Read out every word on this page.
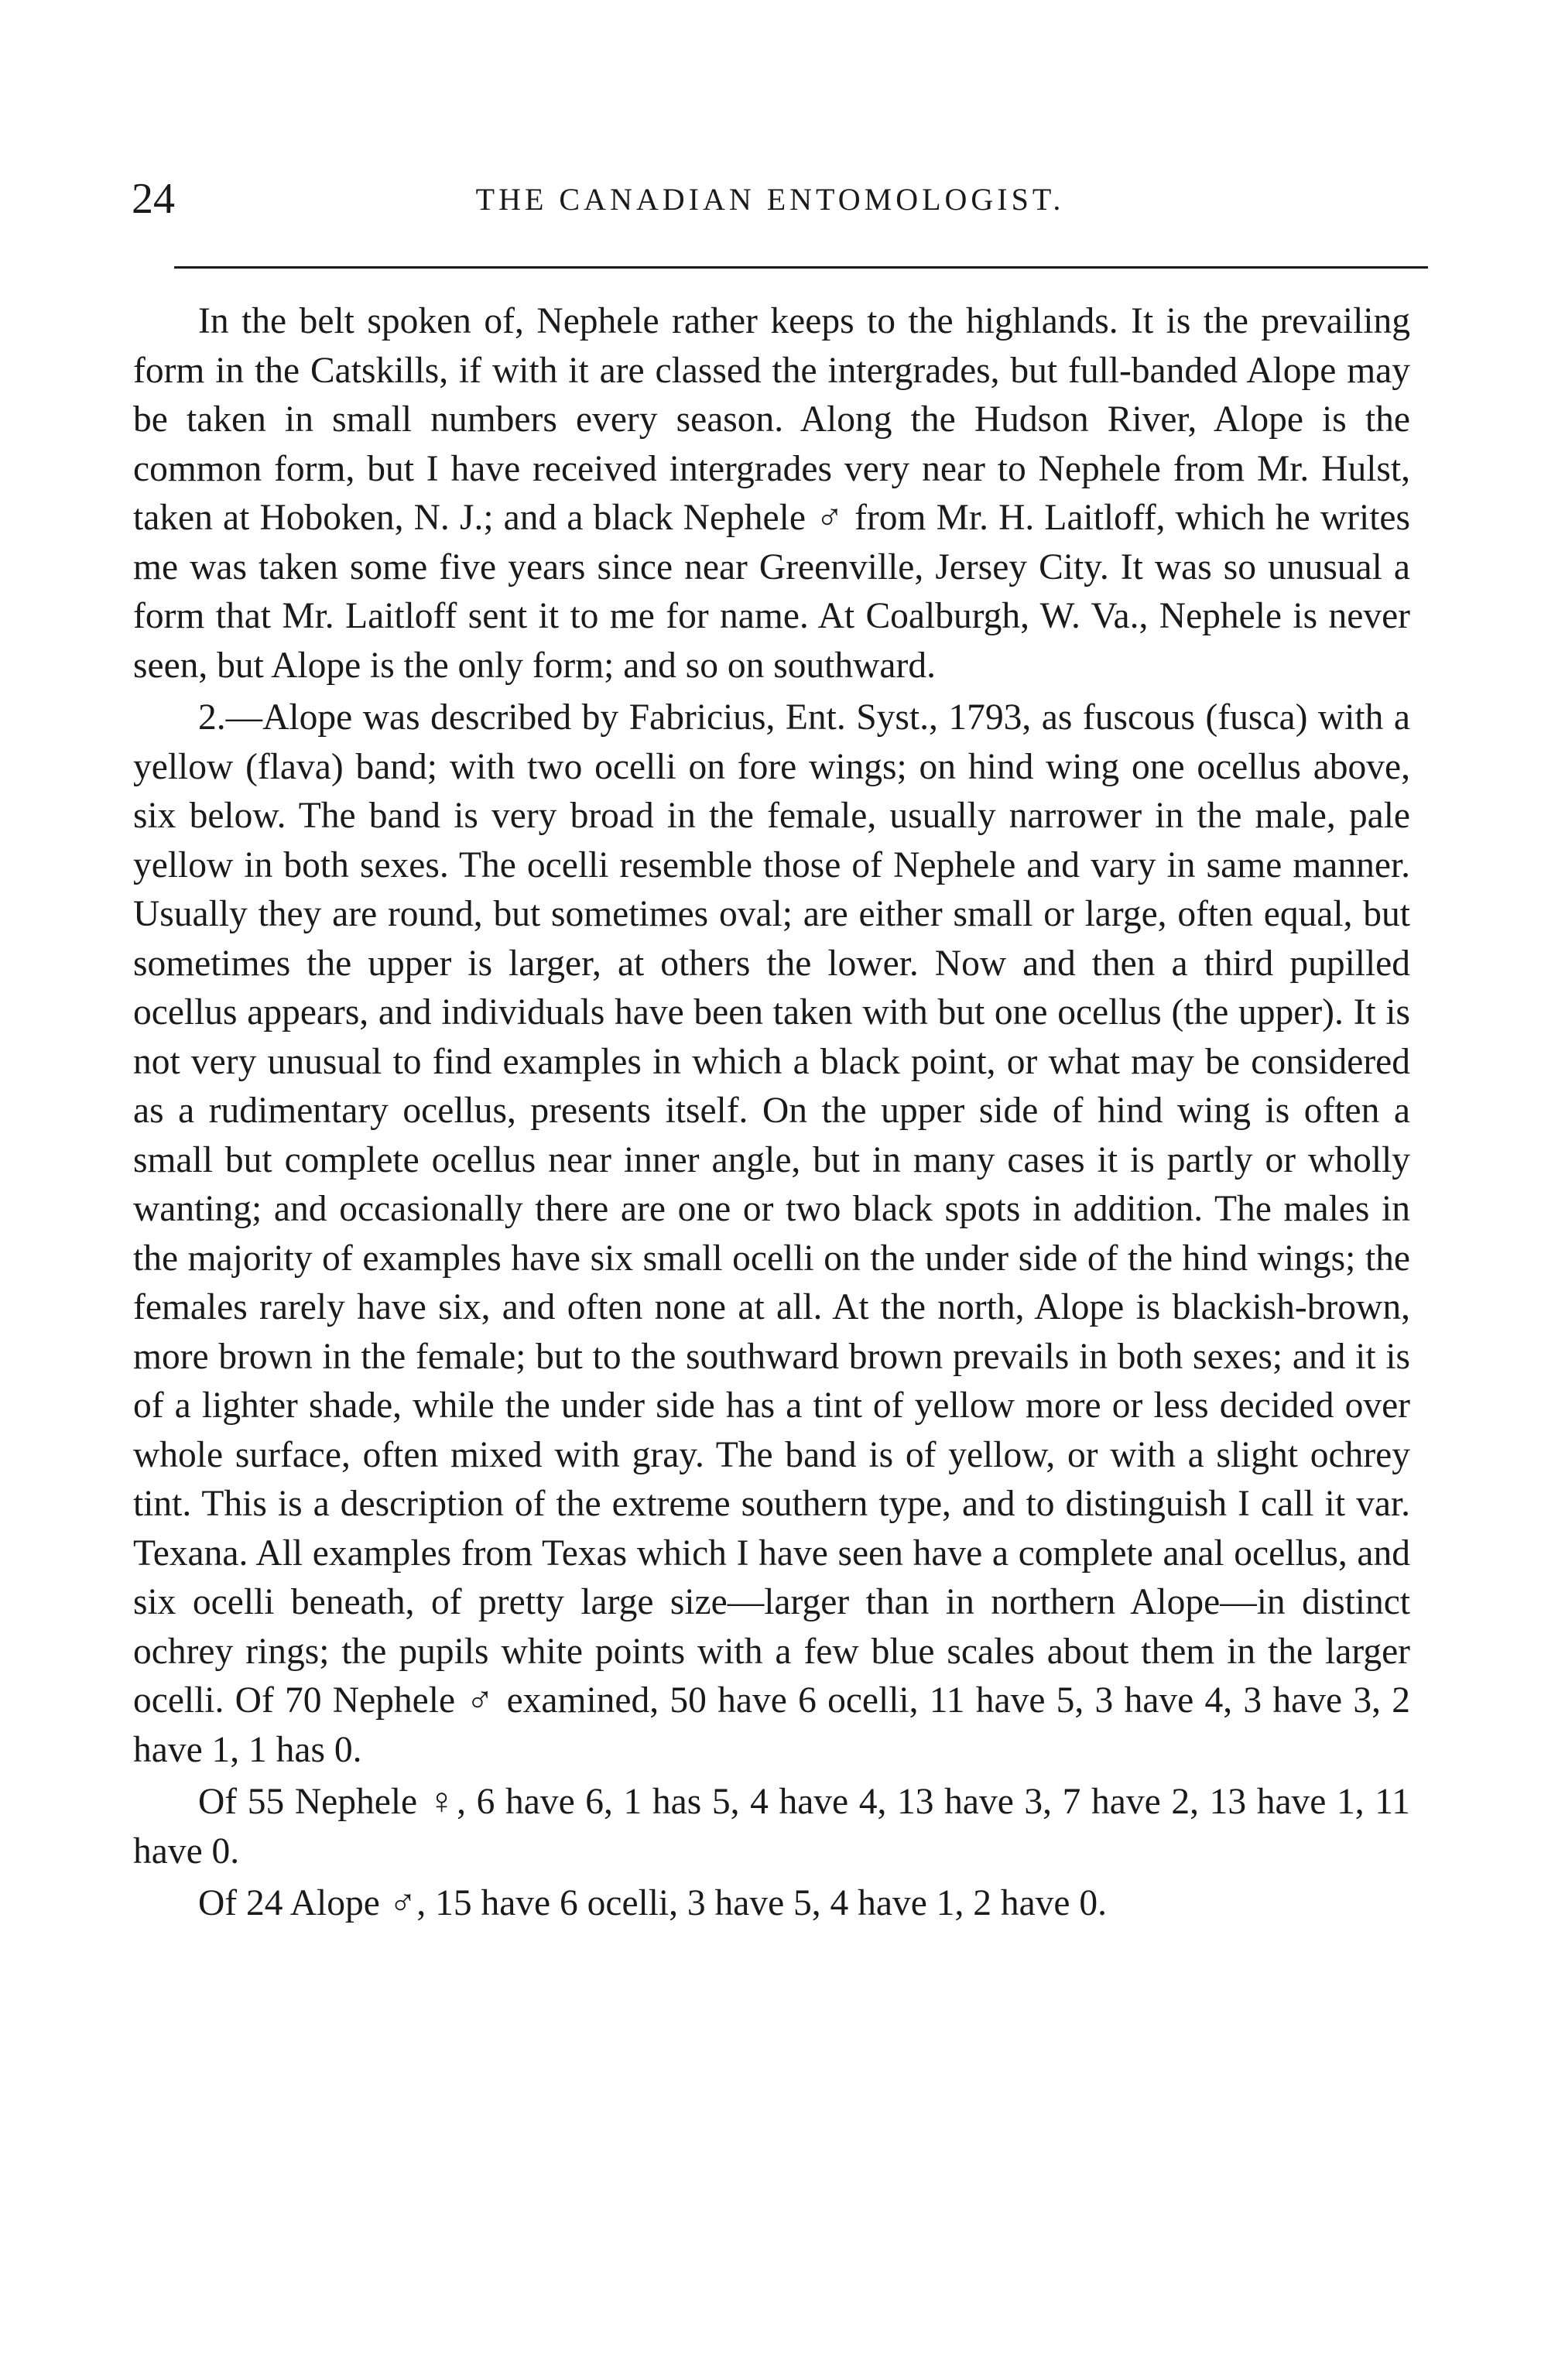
24	THE CANADIAN ENTOMOLOGIST.

In the belt spoken of, Nephele rather keeps to the highlands. It is the prevailing form in the Catskills, if with it are classed the intergrades, but full-banded Alope may be taken in small numbers every season. Along the Hudson River, Alope is the common form, but I have received intergrades very near to Nephele from Mr. Hulst, taken at Hoboken, N. J.; and a black Nephele ♂ from Mr. H. Laitloff, which he writes me was taken some five years since near Greenville, Jersey City. It was so unusual a form that Mr. Laitloff sent it to me for name. At Coalburgh, W. Va., Nephele is never seen, but Alope is the only form; and so on southward.

2.—Alope was described by Fabricius, Ent. Syst., 1793, as fuscous (fusca) with a yellow (flava) band; with two ocelli on fore wings; on hind wing one ocellus above, six below. The band is very broad in the female, usually narrower in the male, pale yellow in both sexes. The ocelli resemble those of Nephele and vary in same manner. Usually they are round, but sometimes oval; are either small or large, often equal, but sometimes the upper is larger, at others the lower. Now and then a third pupilled ocellus appears, and individuals have been taken with but one ocellus (the upper). It is not very unusual to find examples in which a black point, or what may be considered as a rudimentary ocellus, presents itself. On the upper side of hind wing is often a small but complete ocellus near inner angle, but in many cases it is partly or wholly wanting; and occasionally there are one or two black spots in addition. The males in the majority of examples have six small ocelli on the under side of the hind wings; the females rarely have six, and often none at all. At the north, Alope is blackish-brown, more brown in the female; but to the southward brown prevails in both sexes; and it is of a lighter shade, while the under side has a tint of yellow more or less decided over whole surface, often mixed with gray. The band is of yellow, or with a slight ochrey tint. This is a description of the extreme southern type, and to distinguish I call it var. Texana. All examples from Texas which I have seen have a complete anal ocellus, and six ocelli beneath, of pretty large size—larger than in northern Alope—in distinct ochrey rings; the pupils white points with a few blue scales about them in the larger ocelli. Of 70 Nephele ♂ examined, 50 have 6 ocelli, 11 have 5, 3 have 4, 3 have 3, 2 have 1, 1 has 0.

Of 55 Nephele ♀, 6 have 6, 1 has 5, 4 have 4, 13 have 3, 7 have 2, 13 have 1, 11 have 0.

Of 24 Alope ♂, 15 have 6 ocelli, 3 have 5, 4 have 1, 2 have 0.
